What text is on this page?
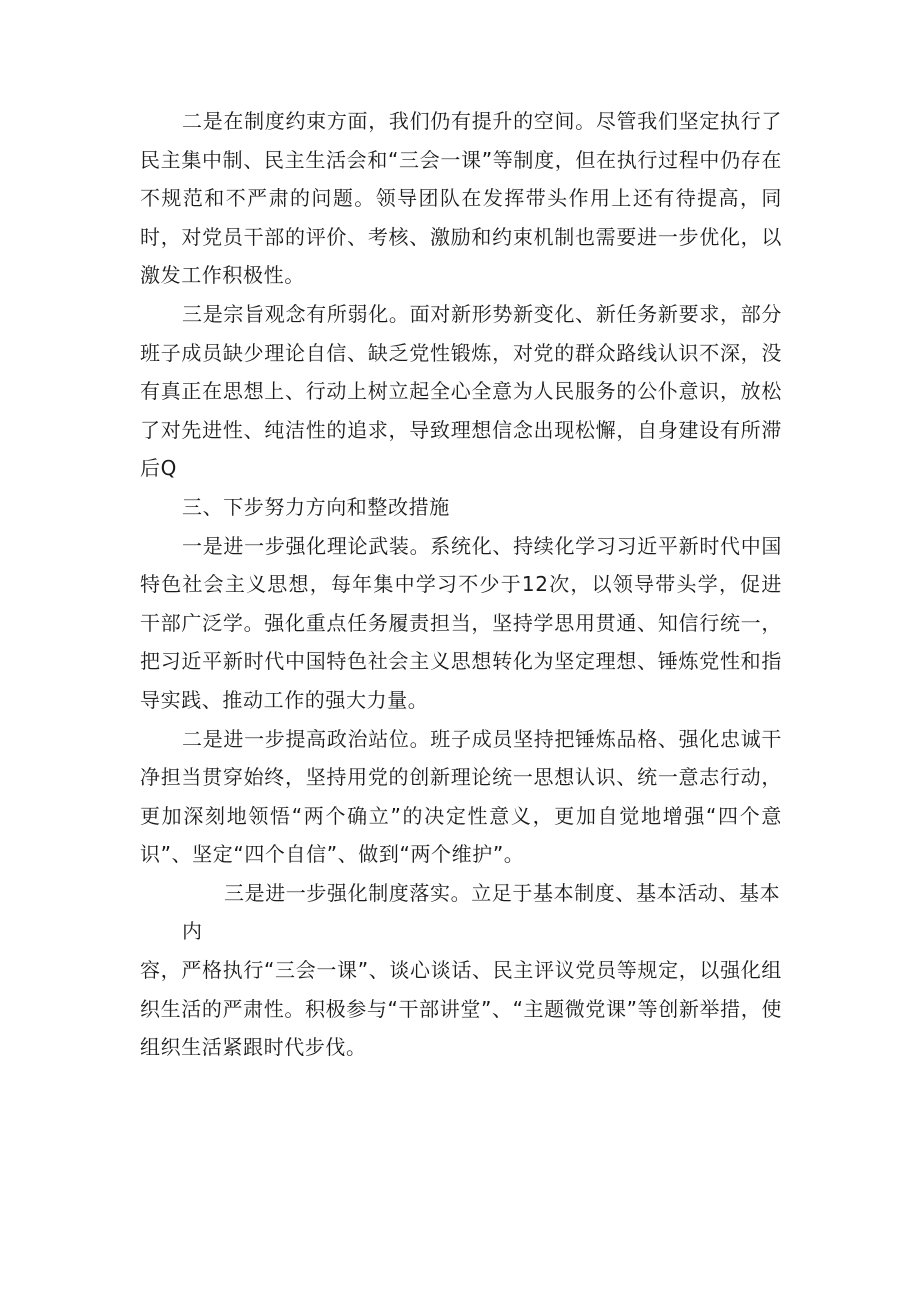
二是在制度约束方面，我们仍有提升的空间。尽管我们坚定执行了民主集中制、民主生活会和“三会一课”等制度，但在执行过程中仍存在不规范和不严肃的问题。领导团队在发挥带头作用上还有待提高，同时，对党员干部的评价、考核、激励和约束机制也需要进一步优化，以激发工作积极性。

三是宗旨观念有所弱化。面对新形势新变化、新任务新要求，部分班子成员缺少理论自信、缺乏党性锻炼，对党的群众路线认识不深，没有真正在思想上、行动上树立起全心全意为人民服务的公仆意识，放松了对先进性、纯洁性的追求，导致理想信念出现松懈，自身建设有所滞后Q

三、下步努力方向和整改措施

一是进一步强化理论武装。系统化、持续化学习习近平新时代中国特色社会主义思想，每年集中学习不少于12次，以领导带头学，促进干部广泛学。强化重点任务履责担当，坚持学思用贯通、知信行统一，把习近平新时代中国特色社会主义思想转化为坚定理想、锤炼党性和指导实践、推动工作的强大力量。

二是进一步提高政治站位。班子成员坚持把锤炼品格、强化忠诚干净担当贯穿始终，坚持用党的创新理论统一思想认识、统一意志行动，更加深刻地领悟“两个确立”的决定性意义，更加自觉地增强“四个意识”、坚定“四个自信”、做到“两个维护”。

三是进一步强化制度落实。立足于基本制度、基本活动、基本内
容，严格执行“三会一课”、谈心谈话、民主评议党员等规定，以强化组织生活的严肃性。积极参与“干部讲堂”、“主题微党课”等创新举措，使组织生活紧跟时代步伐。
